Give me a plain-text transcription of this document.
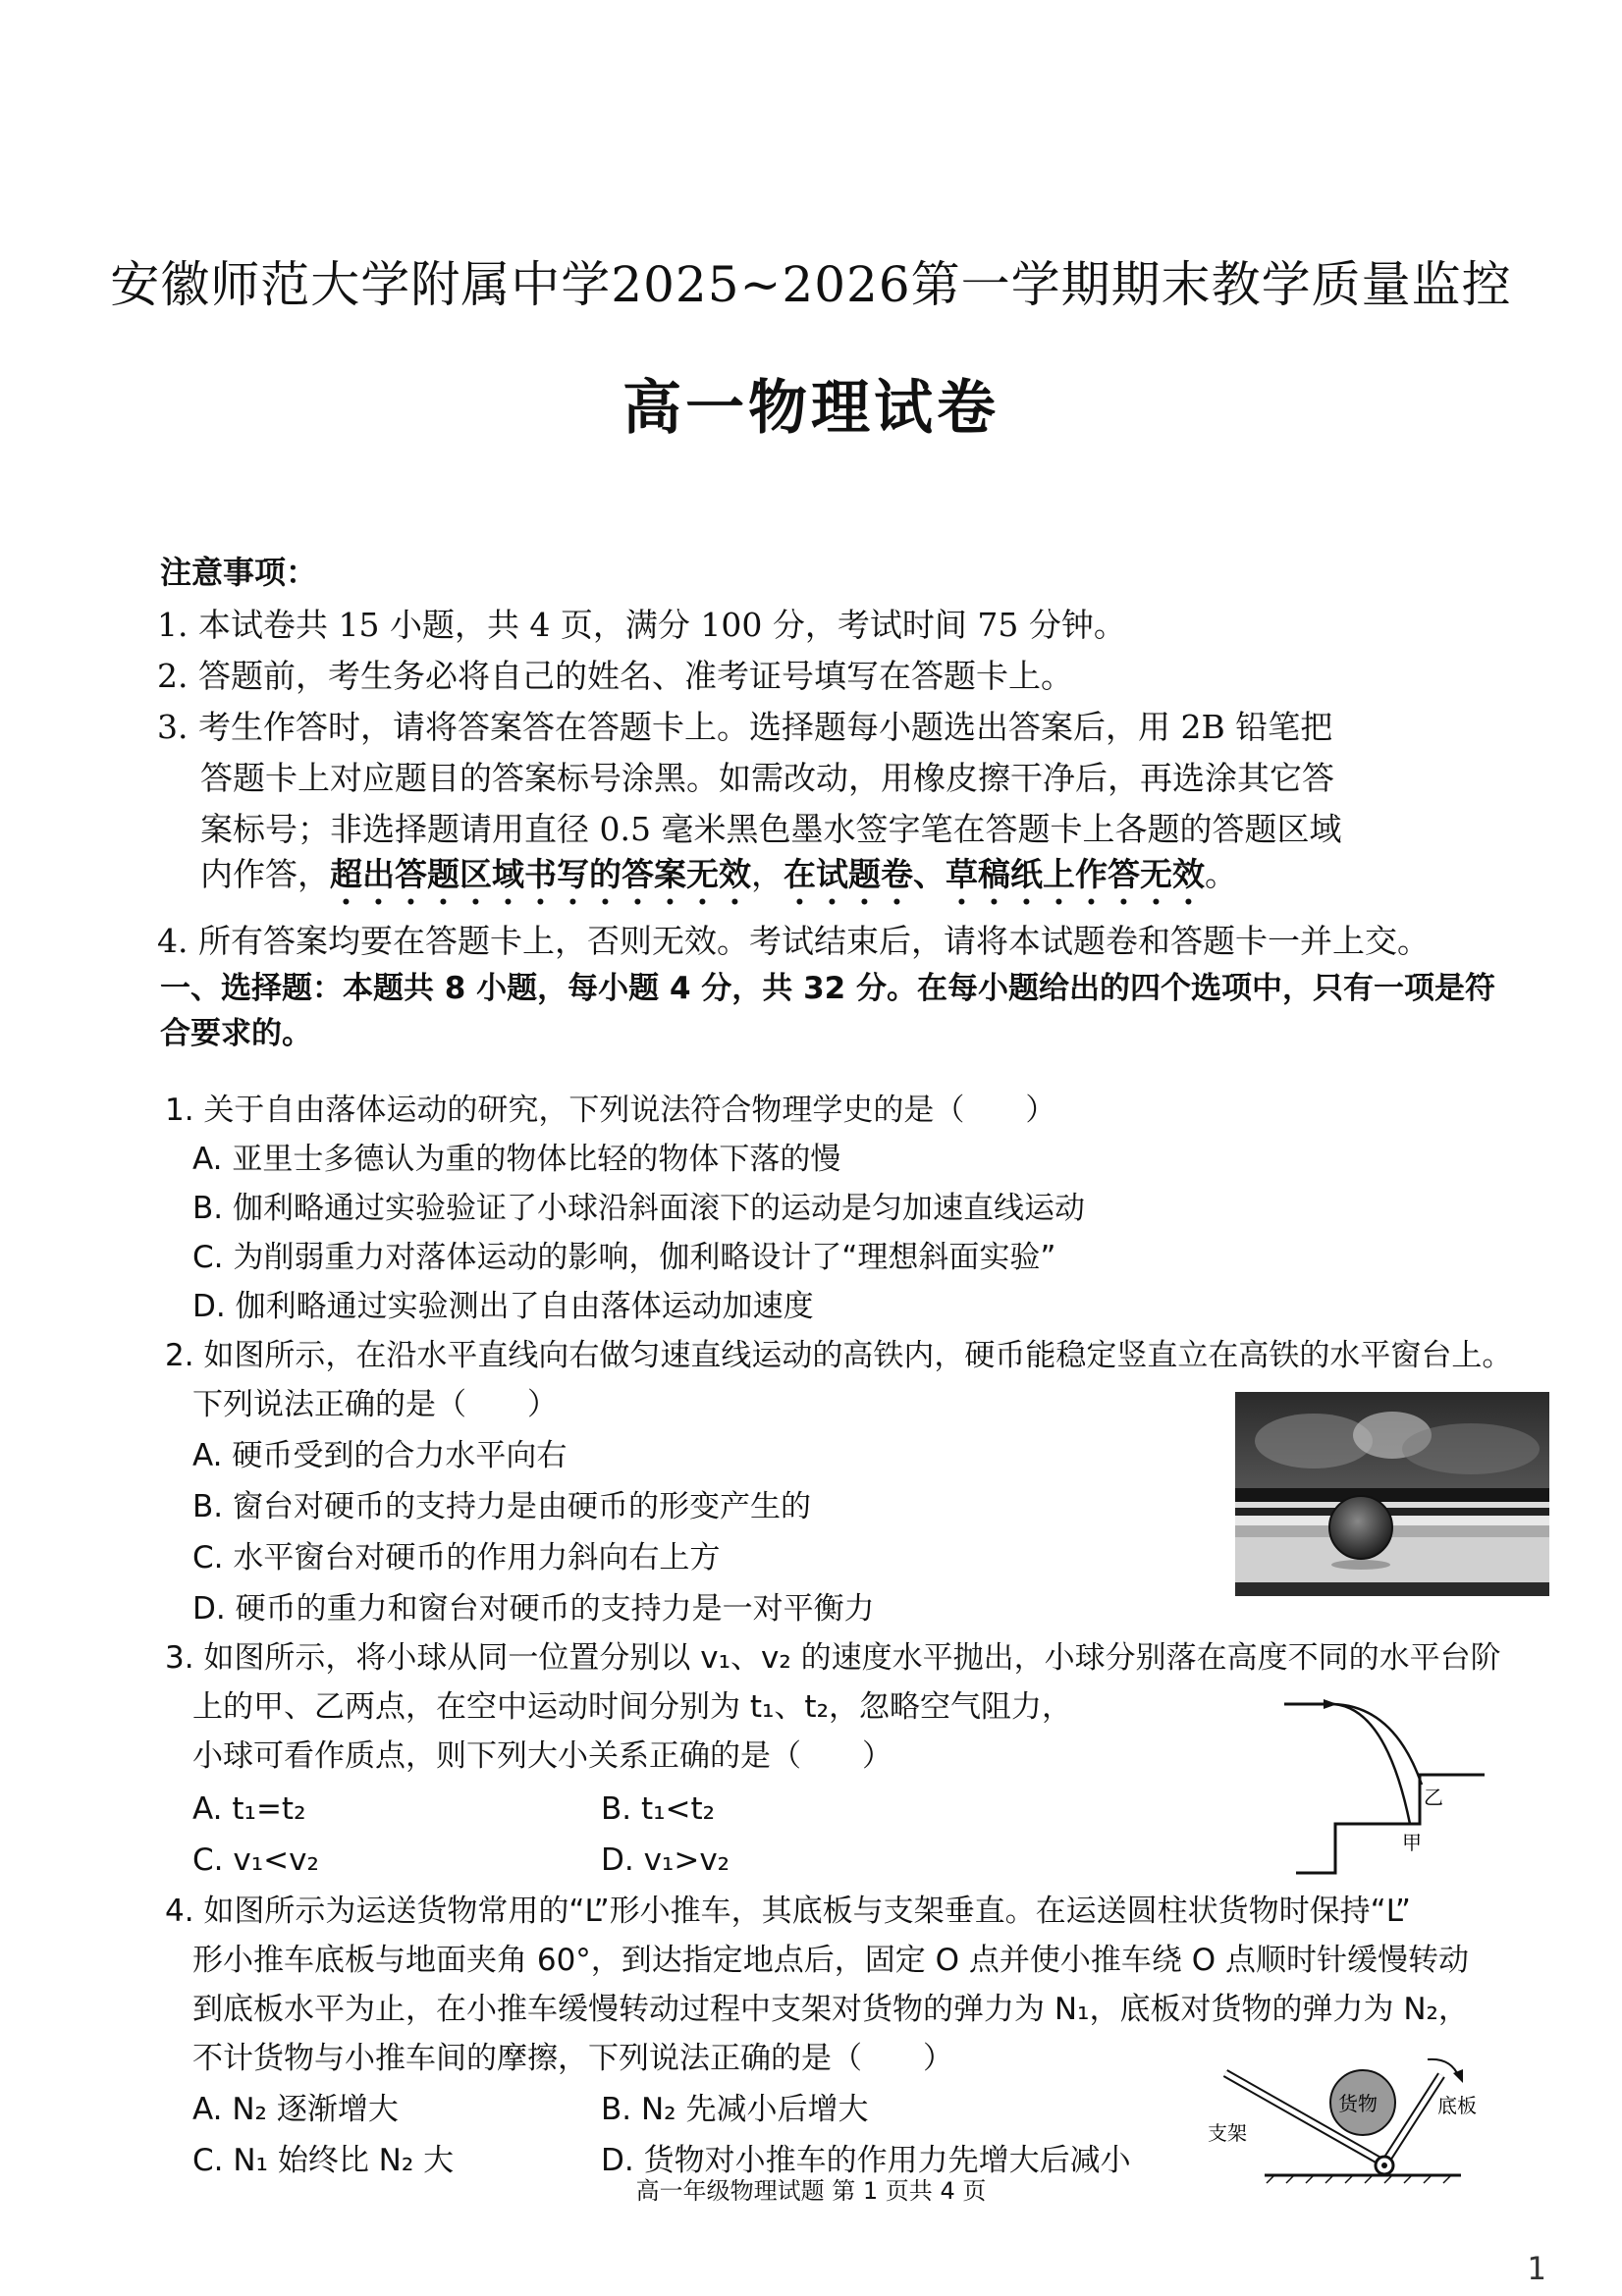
安徽师范大学附属中学2025~2026第一学期期末教学质量监控
高一物理试卷
注意事项：
1. 本试卷共 15 小题，共 4 页，满分 100 分，考试时间 75 分钟。
2. 答题前，考生务必将自己的姓名、准考证号填写在答题卡上。
3. 考生作答时，请将答案答在答题卡上。选择题每小题选出答案后，用 2B 铅笔把
答题卡上对应题目的答案标号涂黑。如需改动，用橡皮擦干净后，再选涂其它答
案标号；非选择题请用直径 0.5 毫米黑色墨水签字笔在答题卡上各题的答题区域
内作答，超出答题区域书写的答案无效，在试题卷、草稿纸上作答无效。
4. 所有答案均要在答题卡上，否则无效。考试结束后，请将本试题卷和答题卡一并上交。
一、选择题：本题共 8 小题，每小题 4 分，共 32 分。在每小题给出的四个选项中，只有一项是符
合要求的。
1. 关于自由落体运动的研究，下列说法符合物理学史的是（　　）
A. 亚里士多德认为重的物体比轻的物体下落的慢
B. 伽利略通过实验验证了小球沿斜面滚下的运动是匀加速直线运动
C. 为削弱重力对落体运动的影响，伽利略设计了“理想斜面实验”
D. 伽利略通过实验测出了自由落体运动加速度
2. 如图所示，在沿水平直线向右做匀速直线运动的高铁内，硬币能稳定竖直立在高铁的水平窗台上。
下列说法正确的是（　　）
A. 硬币受到的合力水平向右
B. 窗台对硬币的支持力是由硬币的形变产生的
C. 水平窗台对硬币的作用力斜向右上方
D. 硬币的重力和窗台对硬币的支持力是一对平衡力
3. 如图所示，将小球从同一位置分别以 v₁、v₂ 的速度水平抛出，小球分别落在高度不同的水平台阶
上的甲、乙两点，在空中运动时间分别为 t₁、t₂，忽略空气阻力，
小球可看作质点，则下列大小关系正确的是（　　）
A. t₁=t₂	B. t₁<t₂
C. v₁<v₂	D. v₁>v₂	甲
乙
4. 如图所示为运送货物常用的“L”形小推车，其底板与支架垂直。在运送圆柱状货物时保持“L”
形小推车底板与地面夹角 60°，到达指定地点后，固定 O 点并使小推车绕 O 点顺时针缓慢转动
到底板水平为止，在小推车缓慢转动过程中支架对货物的弹力为 N₁，底板对货物的弹力为 N₂，
不计货物与小推车间的摩擦，下列说法正确的是（　　）
A. N₂ 逐渐增大	B. N₂ 先减小后增大
C. N₁ 始终比 N₂ 大	D. 货物对小推车的作用力先增大后减小
货物	底板
支架
高一年级物理试题 第 1 页共 4 页
1
